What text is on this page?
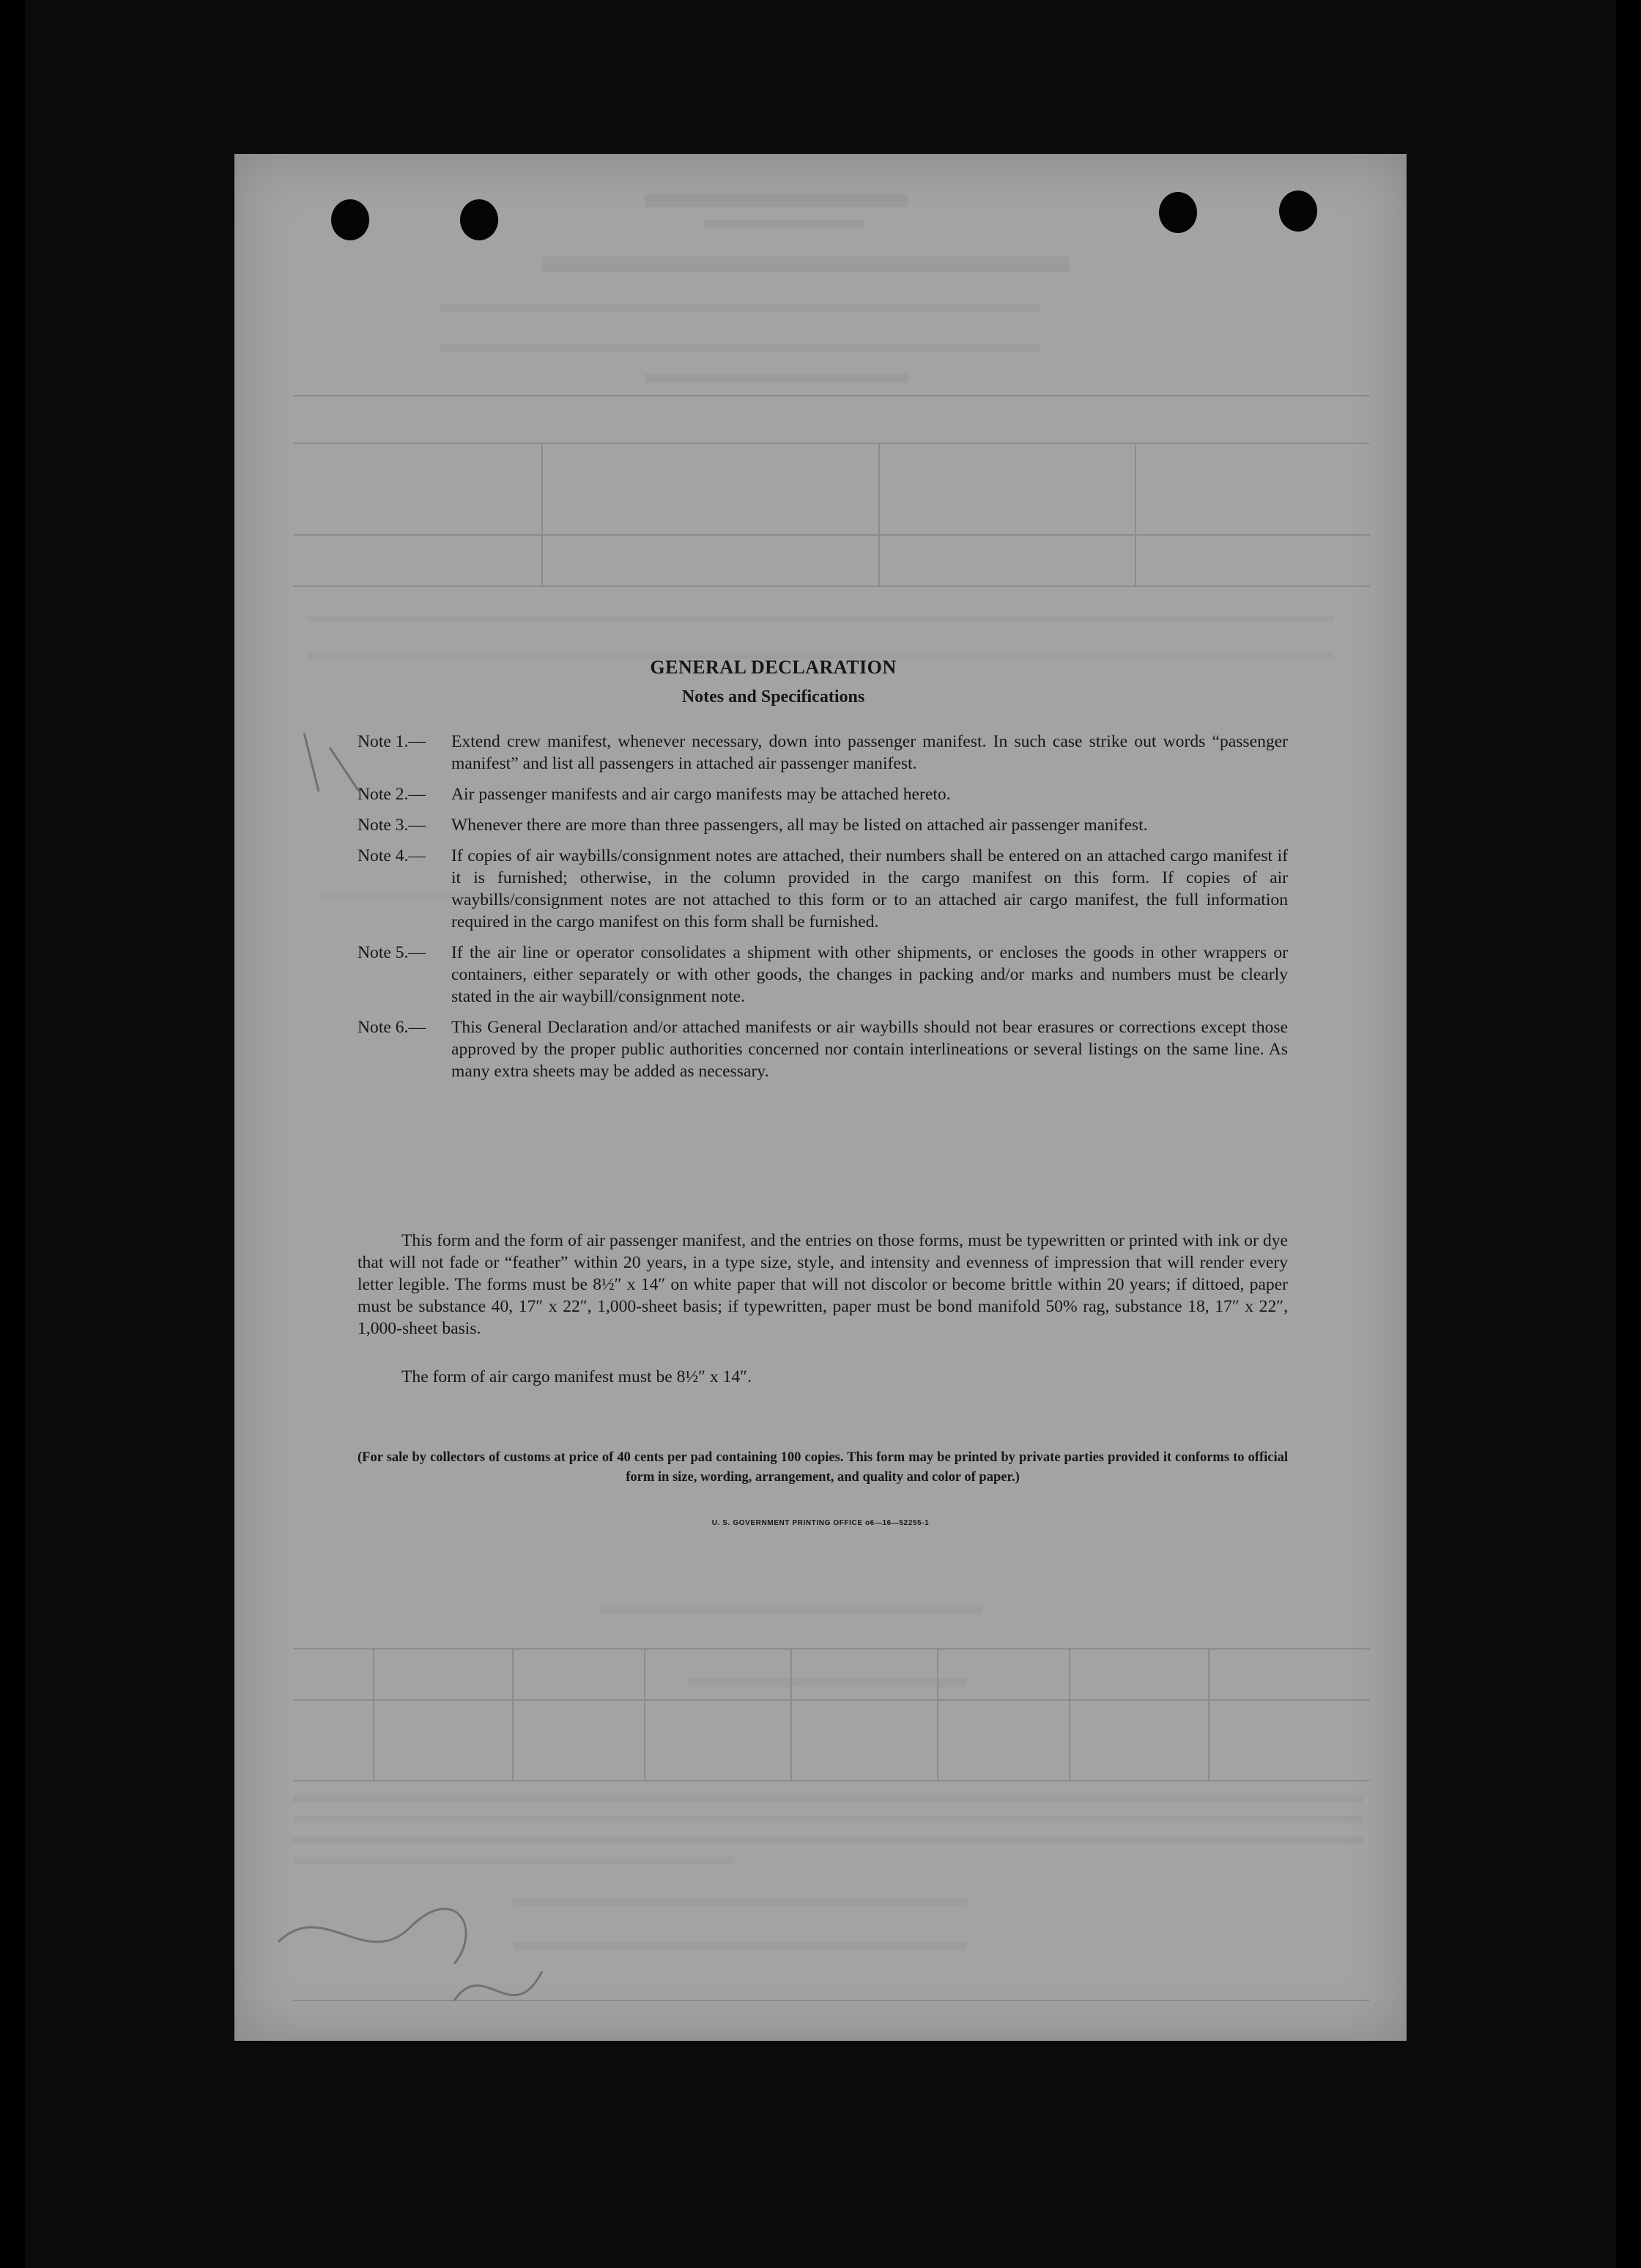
GENERAL DECLARATION
Notes and Specifications
Note 1.—	Extend crew manifest, whenever necessary, down into passenger manifest. In such case strike out words “passenger manifest” and list all passengers in attached air passenger manifest.
Note 2.—	Air passenger manifests and air cargo manifests may be attached hereto.
Note 3.—	Whenever there are more than three passengers, all may be listed on attached air passenger manifest.
Note 4.—	If copies of air waybills/consignment notes are attached, their numbers shall be entered on an attached cargo manifest if it is furnished; otherwise, in the column provided in the cargo manifest on this form. If copies of air waybills/consignment notes are not attached to this form or to an attached air cargo manifest, the full information required in the cargo manifest on this form shall be furnished.
Note 5.—	If the air line or operator consolidates a shipment with other shipments, or encloses the goods in other wrappers or containers, either separately or with other goods, the changes in packing and/or marks and numbers must be clearly stated in the air waybill/consignment note.
Note 6.—	This General Declaration and/or attached manifests or air waybills should not bear erasures or corrections except those approved by the proper public authorities concerned nor contain interlineations or several listings on the same line. As many extra sheets may be added as necessary.
This form and the form of air passenger manifest, and the entries on those forms, must be typewritten or printed with ink or dye that will not fade or “feather” within 20 years, in a type size, style, and intensity and evenness of impression that will render every letter legible. The forms must be 8½″ x 14″ on white paper that will not discolor or become brittle within 20 years; if dittoed, paper must be substance 40, 17″ x 22″, 1,000-sheet basis; if typewritten, paper must be bond manifold 50% rag, substance 18, 17″ x 22″, 1,000-sheet basis.
The form of air cargo manifest must be 8½″ x 14″.
(For sale by collectors of customs at price of 40 cents per pad containing 100 copies. This form may be printed by private parties provided it conforms to official form in size, wording, arrangement, and quality and color of paper.)
U. S. GOVERNMENT PRINTING OFFICE o6—16—52255-1
